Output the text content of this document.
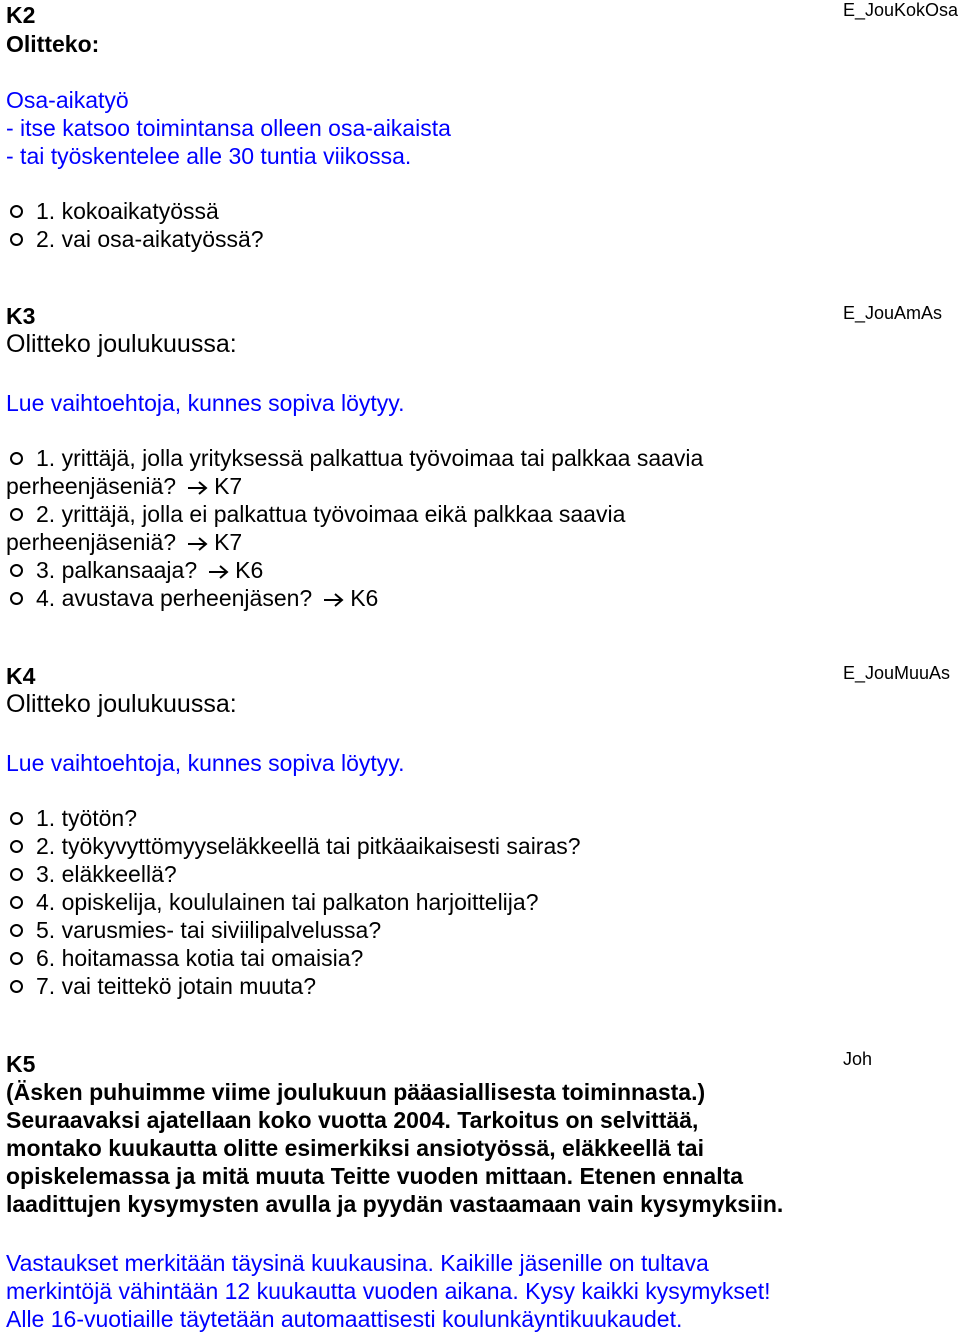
K2
Olitteko:
E_JouKokOsa
Osa-aikatyö
- itse katsoo toimintansa olleen osa-aikaista
- tai työskentelee alle 30 tuntia viikossa.
1. kokoaikatyössä
2. vai osa-aikatyössä?
K3
Olitteko joulukuussa:
E_JouAmAs
Lue vaihtoehtoja, kunnes sopiva löytyy.
1. yrittäjä, jolla yrityksessä palkattua työvoimaa tai palkkaa saavia
perheenjäseniä? K7
2. yrittäjä, jolla ei palkattua työvoimaa eikä palkkaa saavia
perheenjäseniä? K7
3. palkansaaja? K6
4. avustava perheenjäsen? K6
K4
Olitteko joulukuussa:
E_JouMuuAs
Lue vaihtoehtoja, kunnes sopiva löytyy.
1. työtön?
2. työkyvyttömyyseläkkeellä tai pitkäaikaisesti sairas?
3. eläkkeellä?
4. opiskelija, koululainen tai palkaton harjoittelija?
5. varusmies- tai siviilipalvelussa?
6. hoitamassa kotia tai omaisia?
7. vai teittekö jotain muuta?
K5	Joh
(Äsken puhuimme viime joulukuun pääasiallisesta toiminnasta.)
Seuraavaksi ajatellaan koko vuotta 2004. Tarkoitus on selvittää,
montako kuukautta olitte esimerkiksi ansiotyössä, eläkkeellä tai
opiskelemassa ja mitä muuta Teitte vuoden mittaan. Etenen ennalta
laadittujen kysymysten avulla ja pyydän vastaamaan vain kysymyksiin.
Vastaukset merkitään täysinä kuukausina. Kaikille jäsenille on tultava
merkintöjä vähintään 12 kuukautta vuoden aikana. Kysy kaikki kysymykset!
Alle 16-vuotiaille täytetään automaattisesti koulunkäyntikuukaudet.
